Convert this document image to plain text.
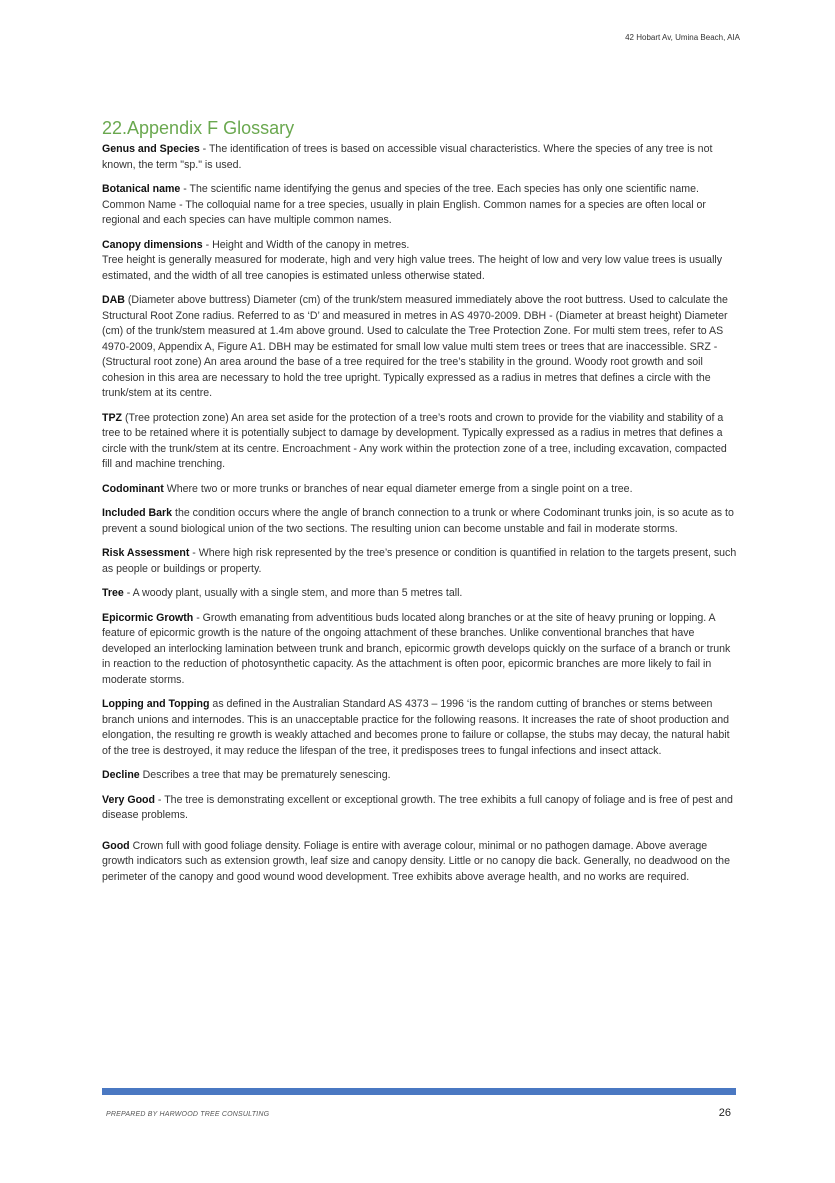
42 Hobart Av, Umina Beach, AIA
22.Appendix F Glossary

Genus and Species - The identification of trees is based on accessible visual characteristics. Where the species of any tree is not known, the term "sp." is used.

Botanical name - The scientific name identifying the genus and species of the tree. Each species has only one scientific name.

Common Name - The colloquial name for a tree species, usually in plain English. Common names for a species are often local or regional and each species can have multiple common names.

Canopy dimensions - Height and Width of the canopy in metres.

Tree height is generally measured for moderate, high and very high value trees. The height of low and very low value trees is usually estimated, and the width of all tree canopies is estimated unless otherwise stated.

DAB (Diameter above buttress) Diameter (cm) of the trunk/stem measured immediately above the root buttress. Used to calculate the Structural Root Zone radius. Referred to as ‘D’ and measured in metres in AS 4970-2009. DBH - (Diameter at breast height) Diameter (cm) of the trunk/stem measured at 1.4m above ground. Used to calculate the Tree Protection Zone. For multi stem trees, refer to AS 4970-2009, Appendix A, Figure A1. DBH may be estimated for small low value multi stem trees or trees that are inaccessible. SRZ - (Structural root zone) An area around the base of a tree required for the tree’s stability in the ground. Woody root growth and soil cohesion in this area are necessary to hold the tree upright. Typically expressed as a radius in metres that defines a circle with the trunk/stem at its centre.

TPZ (Tree protection zone) An area set aside for the protection of a tree’s roots and crown to provide for the viability and stability of a tree to be retained where it is potentially subject to damage by development. Typically expressed as a radius in metres that defines a circle with the trunk/stem at its centre. Encroachment - Any work within the protection zone of a tree, including excavation, compacted fill and machine trenching.

Codominant Where two or more trunks or branches of near equal diameter emerge from a single point on a tree.

Included Bark the condition occurs where the angle of branch connection to a trunk or where Codominant trunks join, is so acute as to prevent a sound biological union of the two sections. The resulting union can become unstable and fail in moderate storms.

Risk Assessment - Where high risk represented by the tree’s presence or condition is quantified in relation to the targets present, such as people or buildings or property.

Tree - A woody plant, usually with a single stem, and more than 5 metres tall.

Epicormic Growth - Growth emanating from adventitious buds located along branches or at the site of heavy pruning or lopping. A feature of epicormic growth is the nature of the ongoing attachment of these branches. Unlike conventional branches that have developed an interlocking lamination between trunk and branch, epicormic growth develops quickly on the surface of a branch or trunk in reaction to the reduction of photosynthetic capacity. As the attachment is often poor, epicormic branches are more likely to fail in moderate storms.

Lopping and Topping as defined in the Australian Standard AS 4373 – 1996 ‘is the random cutting of branches or stems between branch unions and internodes. This is an unacceptable practice for the following reasons. It increases the rate of shoot production and elongation, the resulting re growth is weakly attached and becomes prone to failure or collapse, the stubs may decay, the natural habit of the tree is destroyed, it may reduce the lifespan of the tree, it predisposes trees to fungal infections and insect attack.

Decline Describes a tree that may be prematurely senescing.

Very Good - The tree is demonstrating excellent or exceptional growth. The tree exhibits a full canopy of foliage and is free of pest and disease problems.

Good Crown full with good foliage density. Foliage is entire with average colour, minimal or no pathogen damage. Above average growth indicators such as extension growth, leaf size and canopy density. Little or no canopy die back. Generally, no deadwood on the perimeter of the canopy and good wound wood development. Tree exhibits above average health, and no works are required.

PREPARED BY HARWOOD TREE CONSULTING	26
